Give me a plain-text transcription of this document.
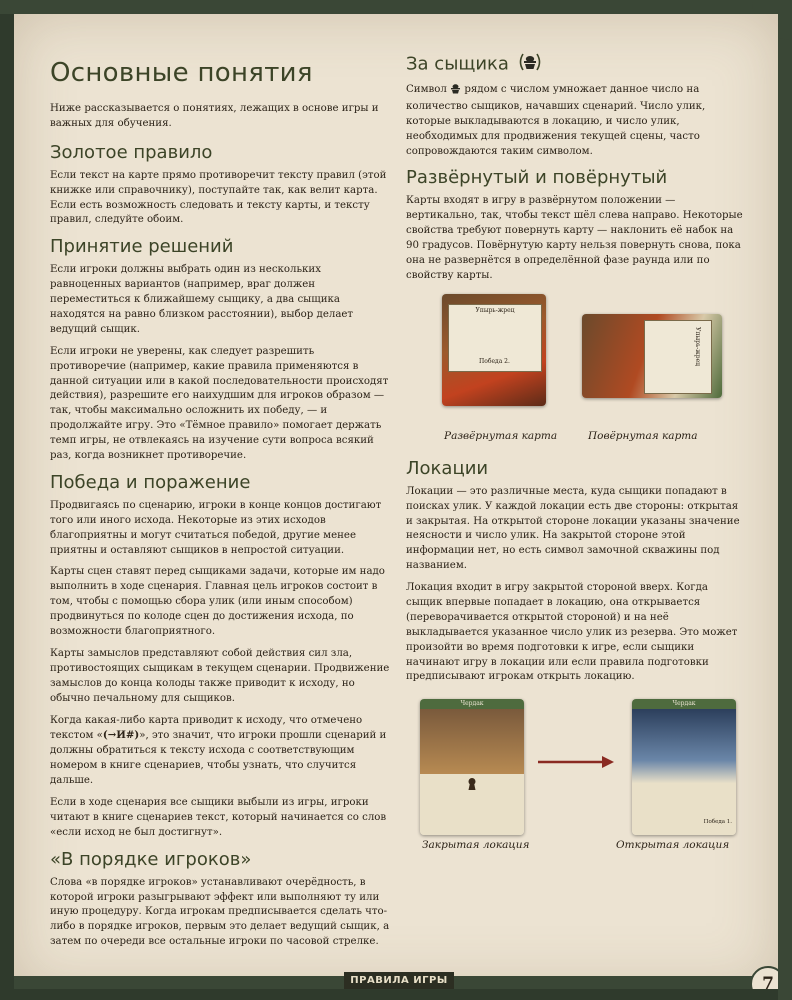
Основные понятия

Ниже рассказывается о понятиях, лежащих в основе игры и важных для обучения.

Золотое правило

Если текст на карте прямо противоречит тексту правил (этой книжке или справочнику), поступайте так, как велит карта. Если есть возможность следовать и тексту карты, и тексту правил, следуйте обоим.

Принятие решений

Если игроки должны выбрать один из нескольких равноценных вариантов (например, враг должен переместиться к ближайшему сыщику, а два сыщика находятся на равно близком расстоянии), выбор делает ведущий сыщик.

Если игроки не уверены, как следует разрешить противоречие (например, какие правила применяются в данной ситуации или в какой последовательности происходят действия), разрешите его наихудшим для игроков образом — так, чтобы максимально осложнить их победу, — и продолжайте игру. Это «Тёмное правило» помогает держать темп игры, не отвлекаясь на изучение сути вопроса всякий раз, когда возникнет противоречие.

Победа и поражение

Продвигаясь по сценарию, игроки в конце концов достигают того или иного исхода. Некоторые из этих исходов благоприятны и могут считаться победой, другие менее приятны и оставляют сыщиков в непростой ситуации.

Карты сцен ставят перед сыщиками задачи, которые им надо выполнить в ходе сценария. Главная цель игроков состоит в том, чтобы с помощью сбора улик (или иным способом) продвинуться по колоде сцен до достижения исхода, по возможности благоприятного.

Карты замыслов представляют собой действия сил зла, противостоящих сыщикам в текущем сценарии. Продвижение замыслов до конца колоды также приводит к исходу, но обычно печальному для сыщиков.

Когда какая-либо карта приводит к исходу, что отмечено текстом «(→И#)», это значит, что игроки прошли сценарий и должны обратиться к тексту исхода с соответствующим номером в книге сценариев, чтобы узнать, что случится дальше.

Если в ходе сценария все сыщики выбыли из игры, игроки читают в книге сценариев текст, который начинается со слов «если исход не был достигнут».

«В порядке игроков»

Слова «в порядке игроков» устанавливают очерёдность, в которой игроки разыгрывают эффект или выполняют ту или иную процедуру. Когда игрокам предписывается сделать что-либо в порядке игроков, первым это делает ведущий сыщик, а затем по очереди все остальные игроки по часовой стрелке.

За сыщика

Символ рядом с числом умножает данное число на количество сыщиков, начавших сценарий. Число улик, которые выкладываются в локацию, и число улик, необходимых для продвижения текущей сцены, часто сопровождаются таким символом.

Развёрнутый и повёрнутый

Карты входят в игру в развёрнутом положении — вертикально, так, чтобы текст шёл слева направо. Некоторые свойства требуют повернуть карту — наклонить её набок на 90 градусов. Повёрнутую карту нельзя повернуть снова, пока она не развернётся в определённой фазе раунда или по свойству карты.

Упырь-жрец
Победа 2.	Упырь-жрец
Развёрнутая карта	Повёрнутая карта
Локации

Локации — это различные места, куда сыщики попадают в поисках улик. У каждой локации есть две стороны: открытая и закрытая. На открытой стороне локации указаны значение неясности и число улик. На закрытой стороне этой информации нет, но есть символ замочной скважины под названием.

Локация входит в игру закрытой стороной вверх. Когда сыщик впервые попадает в локацию, она открывается (переворачивается открытой стороной) и на неё выкладывается указанное число улик из резерва. Это может произойти во время подготовки к игре, если сыщики начинают игру в локации или если правила подготовки предписывают игрокам открыть локацию.

Чердак	Чердак
Победа 1.
Закрытая локация	Открытая локация
ПРАВИЛА ИГРЫ	7
